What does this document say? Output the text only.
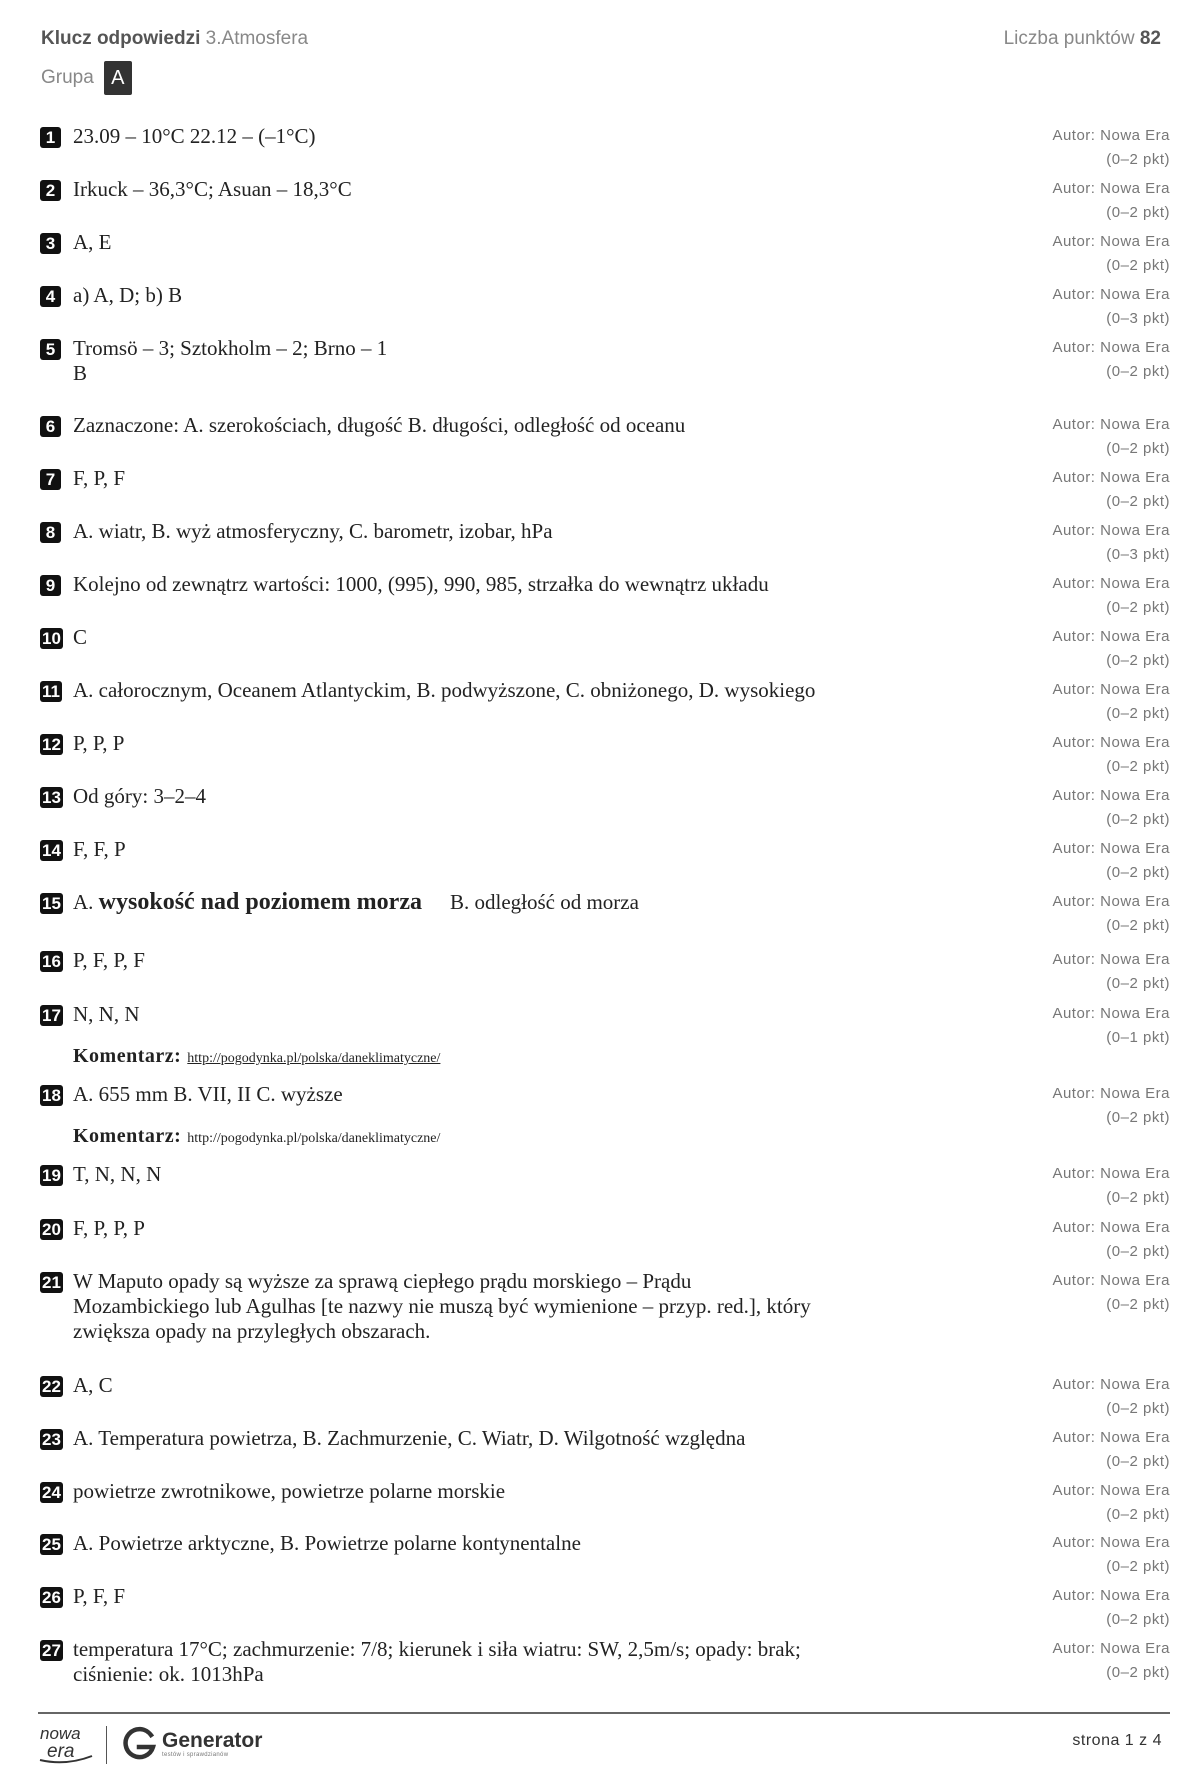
Klucz odpowiedzi 3.Atmosfera	Liczba punktów 82
Grupa A
1 23.09 – 10°C 22.12 – (–1°C)	Autor: Nowa Era
(0–2 pkt)
2 Irkuck – 36,3°C; Asuan – 18,3°C	Autor: Nowa Era
(0–2 pkt)
3 A, E	Autor: Nowa Era
(0–2 pkt)
4 a) A, D; b) B	Autor: Nowa Era
(0–3 pkt)
5 Tromsö – 3; Sztokholm – 2; Brno – 1
B
Autor: Nowa Era
(0–2 pkt)
6 Zaznaczone: A. szerokościach, długość B. długości, odległość od oceanu	Autor: Nowa Era
(0–2 pkt)
7 F, P, F	Autor: Nowa Era
(0–2 pkt)
8 A. wiatr, B. wyż atmosferyczny, C. barometr, izobar, hPa	Autor: Nowa Era
(0–3 pkt)
9 Kolejno od zewnątrz wartości: 1000, (995), 990, 985, strzałka do wewnątrz układu	Autor: Nowa Era
(0–2 pkt)
10 C	Autor: Nowa Era
(0–2 pkt)
11 A. całorocznym, Oceanem Atlantyckim, B. podwyższone, C. obniżonego, D. wysokiego	Autor: Nowa Era
(0–2 pkt)
12 P, P, P	Autor: Nowa Era
(0–2 pkt)
13 Od góry: 3–2–4	Autor: Nowa Era
(0–2 pkt)
14 F, F, P	Autor: Nowa Era
(0–2 pkt)
15 A. wysokość nad poziomem morza B. odległość od morza	Autor: Nowa Era
(0–2 pkt)
16 P, F, P, F	Autor: Nowa Era
(0–2 pkt)
17 N, N, N	Autor: Nowa Era
(0–1 pkt)
Komentarz: http://pogodynka.pl/polska/daneklimatyczne/
18 A. 655 mm B. VII, II C. wyższe	Autor: Nowa Era
(0–2 pkt)
Komentarz: http://pogodynka.pl/polska/daneklimatyczne/
19 T, N, N, N	Autor: Nowa Era
(0–2 pkt)
20 F, P, P, P	Autor: Nowa Era
(0–2 pkt)
21 W Maputo opady są wyższe za sprawą ciepłego prądu morskiego – Prądu
Mozambickiego lub Agulhas [te nazwy nie muszą być wymienione – przyp. red.], który
zwiększa opady na przyległych obszarach.
Autor: Nowa Era
(0–2 pkt)
22 A, C	Autor: Nowa Era
(0–2 pkt)
23 A. Temperatura powietrza, B. Zachmurzenie, C. Wiatr, D. Wilgotność względna	Autor: Nowa Era
(0–2 pkt)
24 powietrze zwrotnikowe, powietrze polarne morskie	Autor: Nowa Era
(0–2 pkt)
25 A. Powietrze arktyczne, B. Powietrze polarne kontynentalne	Autor: Nowa Era
(0–2 pkt)
26 P, F, F	Autor: Nowa Era
(0–2 pkt)
27 temperatura 17°C; zachmurzenie: 7/8; kierunek i siła wiatru: SW, 2,5m/s; opady: brak;
ciśnienie: ok. 1013hPa
Autor: Nowa Era
(0–2 pkt)
nowa
era	Generator
testów i sprawdzianów
strona 1 z 4
